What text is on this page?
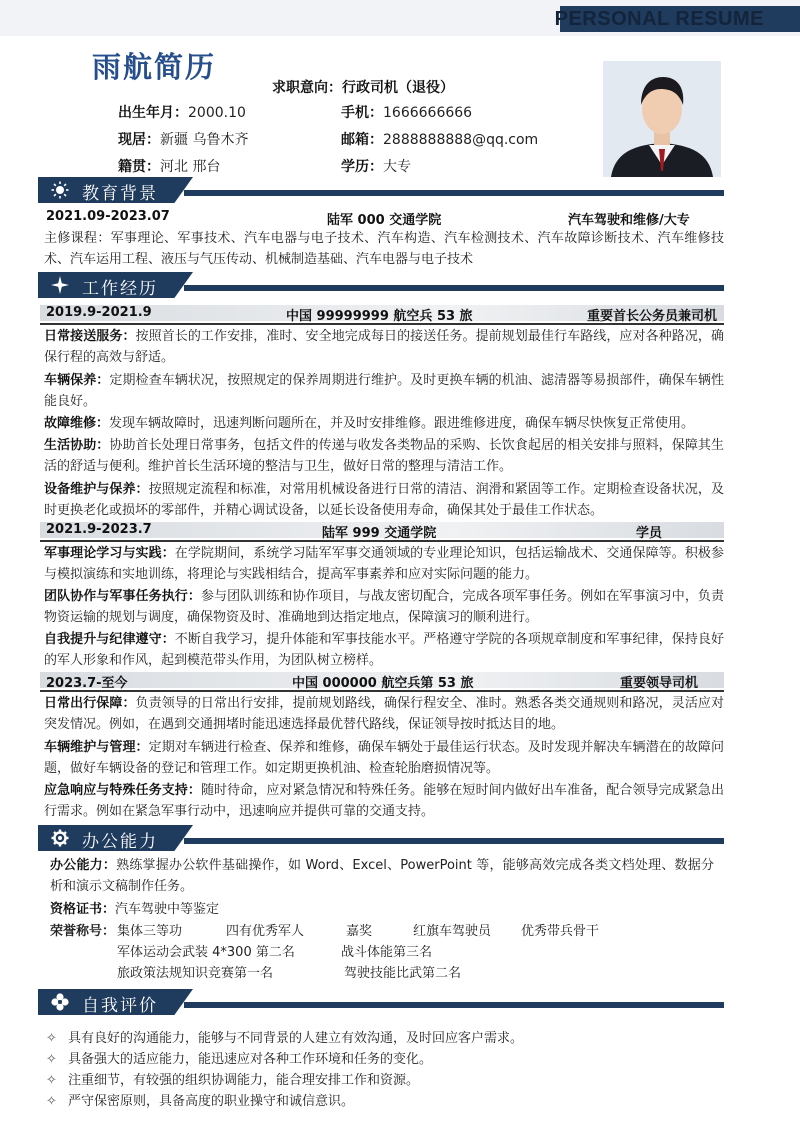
PERSONAL RESUME
雨航简历
求职意向：行政司机（退役）
出生年月：2000.10	手机：1666666666
现居：新疆 乌鲁木齐	邮箱：2888888888@qq.com
籍贯：河北 邢台	学历：大专
教育背景
2021.09-2023.07	陆军 000 交通学院	汽车驾驶和维修/大专
主修课程：军事理论、军事技术、汽车电器与电子技术、汽车构造、汽车检测技术、汽车故障诊断技术、汽车维修技术、汽车运用工程、液压与气压传动、机械制造基础、汽车电器与电子技术
工作经历
2019.9-2021.9	中国 99999999 航空兵 53 旅	重要首长公务员兼司机
日常接送服务：按照首长的工作安排，准时、安全地完成每日的接送任务。提前规划最佳行车路线，应对各种路况，确保行程的高效与舒适。
车辆保养：定期检查车辆状况，按照规定的保养周期进行维护。及时更换车辆的机油、滤清器等易损部件，确保车辆性能良好。
故障维修：发现车辆故障时，迅速判断问题所在，并及时安排维修。跟进维修进度，确保车辆尽快恢复正常使用。
生活协助：协助首长处理日常事务，包括文件的传递与收发各类物品的采购、长饮食起居的相关安排与照料，保障其生活的舒适与便利。维护首长生活环境的整洁与卫生，做好日常的整理与清洁工作。
设备维护与保养：按照规定流程和标准，对常用机械设备进行日常的清洁、润滑和紧固等工作。定期检查设备状况，及时更换老化或损坏的零部件，并精心调试设备，以延长设备使用寿命，确保其处于最佳工作状态。
2021.9-2023.7	陆军 999 交通学院	学员
军事理论学习与实践：在学院期间，系统学习陆军军事交通领域的专业理论知识，包括运输战术、交通保障等。积极参与模拟演练和实地训练，将理论与实践相结合，提高军事素养和应对实际问题的能力。
团队协作与军事任务执行：参与团队训练和协作项目，与战友密切配合，完成各项军事任务。例如在军事演习中，负责物资运输的规划与调度，确保物资及时、准确地到达指定地点，保障演习的顺利进行。
自我提升与纪律遵守：不断自我学习，提升体能和军事技能水平。严格遵守学院的各项规章制度和军事纪律，保持良好的军人形象和作风，起到模范带头作用，为团队树立榜样。
2023.7-至今	中国 000000 航空兵第 53 旅	重要领导司机
日常出行保障：负责领导的日常出行安排，提前规划路线，确保行程安全、准时。熟悉各类交通规则和路况，灵活应对突发情况。例如，在遇到交通拥堵时能迅速选择最优替代路线，保证领导按时抵达目的地。
车辆维护与管理：定期对车辆进行检查、保养和维修，确保车辆处于最佳运行状态。及时发现并解决车辆潜在的故障问题，做好车辆设备的登记和管理工作。如定期更换机油、检查轮胎磨损情况等。
应急响应与特殊任务支持：随时待命，应对紧急情况和特殊任务。能够在短时间内做好出车准备，配合领导完成紧急出行需求。例如在紧急军事行动中，迅速响应并提供可靠的交通支持。
办公能力
办公能力：熟练掌握办公软件基础操作，如 Word、Excel、PowerPoint 等，能够高效完成各类文档处理、数据分析和演示文稿制作任务。
资格证书：汽车驾驶中等鉴定
荣誉称号： 集体三等功	四有优秀军人	嘉奖	红旗车驾驶员 优秀带兵骨干
军体运动会武装 4*300 第二名	战斗体能第三名
旅政策法规知识竞赛第一名	驾驶技能比武第二名
自我评价
✧ 具有良好的沟通能力，能够与不同背景的人建立有效沟通，及时回应客户需求。
✧ 具备强大的适应能力，能迅速应对各种工作环境和任务的变化。
✧ 注重细节，有较强的组织协调能力，能合理安排工作和资源。
✧ 严守保密原则，具备高度的职业操守和诚信意识。
